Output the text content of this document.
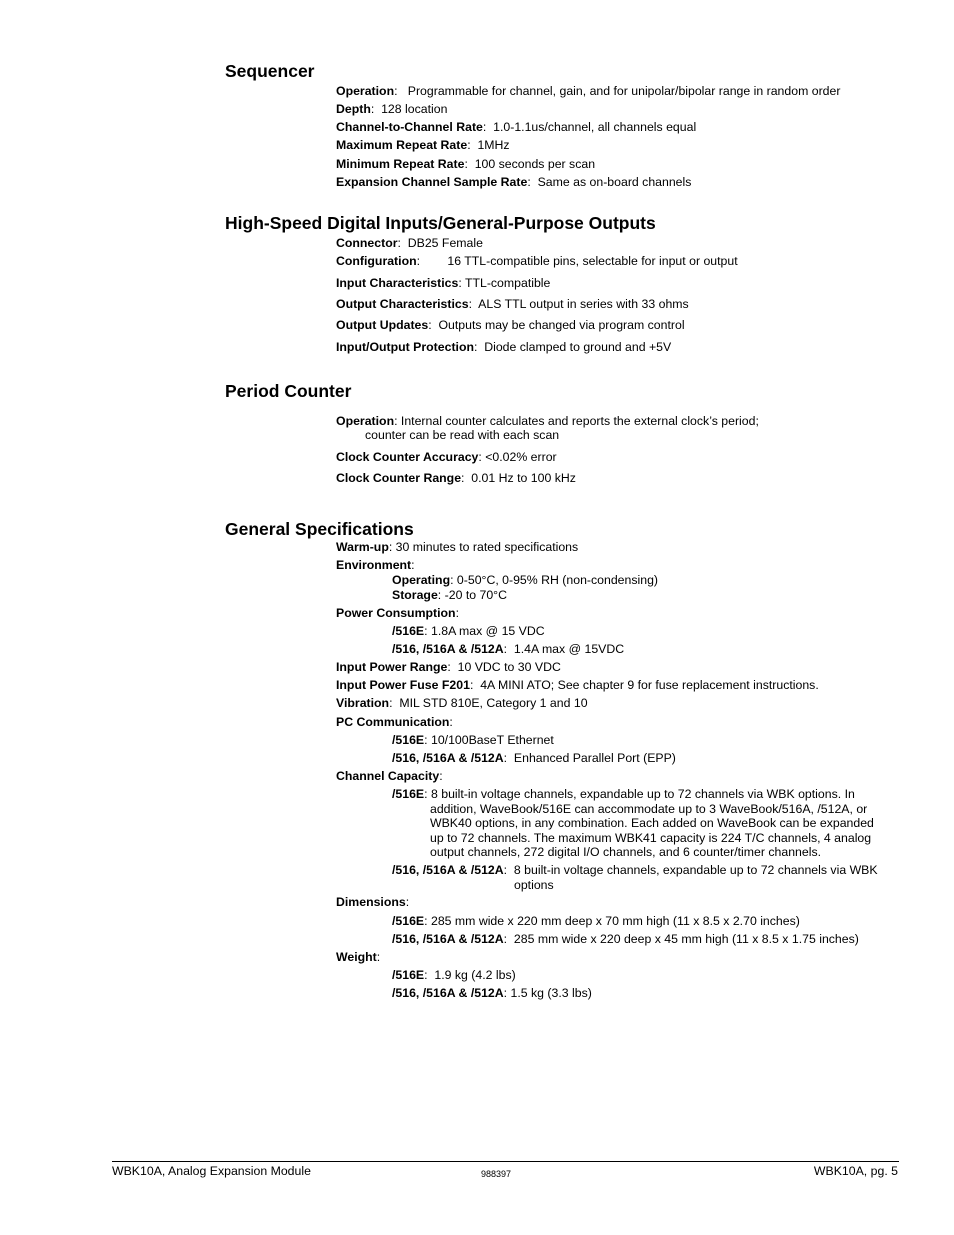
Sequencer

Operation:   Programmable for channel, gain, and for unipolar/bipolar range in random order

Depth:  128 location

Channel-to-Channel Rate:  1.0-1.1us/channel, all channels equal

Maximum Repeat Rate:  1MHz

Minimum Repeat Rate:  100 seconds per scan

Expansion Channel Sample Rate:  Same as on-board channels

High-Speed Digital Inputs/General-Purpose Outputs

Connector:  DB25 Female

Configuration:        16 TTL-compatible pins, selectable for input or output

Input Characteristics: TTL-compatible

Output Characteristics:  ALS TTL output in series with 33 ohms

Output Updates:  Outputs may be changed via program control

Input/Output Protection:  Diode clamped to ground and +5V

Period Counter

Operation: Internal counter calculates and reports the external clock’s period;

counter can be read with each scan

Clock Counter Accuracy: <0.02% error

Clock Counter Range:  0.01 Hz to 100 kHz

General Specifications

Warm-up: 30 minutes to rated specifications

Environment:

Operating: 0-50°C, 0-95% RH (non-condensing)

Storage: -20 to 70°C

Power Consumption:

/516E: 1.8A max @ 15 VDC

/516, /516A & /512A:  1.4A max @ 15VDC

Input Power Range:  10 VDC to 30 VDC

Input Power Fuse F201:  4A MINI ATO; See chapter 9 for fuse replacement instructions.

Vibration:  MIL STD 810E, Category 1 and 10

PC Communication:

/516E: 10/100BaseT Ethernet

/516, /516A & /512A:  Enhanced Parallel Port (EPP)

Channel Capacity:

/516E: 8 built-in voltage channels, expandable up to 72 channels via WBK options. In

addition, WaveBook/516E can accommodate up to 3 WaveBook/516A, /512A, or

WBK40 options, in any combination. Each added on WaveBook can be expanded

up to 72 channels. The maximum WBK41 capacity is 224 T/C channels, 4 analog

output channels, 272 digital I/O channels, and 6 counter/timer channels.

/516, /516A & /512A:  8 built-in voltage channels, expandable up to 72 channels via WBK

options

Dimensions:

/516E: 285 mm wide x 220 mm deep x 70 mm high (11 x 8.5 x 2.70 inches)

/516, /516A & /512A:  285 mm wide x 220 deep x 45 mm high (11 x 8.5 x 1.75 inches)

Weight:

/516E:  1.9 kg (4.2 lbs)

/516, /516A & /512A: 1.5 kg (3.3 lbs)

WBK10A, Analog Expansion Module	988397	WBK10A, pg. 5
